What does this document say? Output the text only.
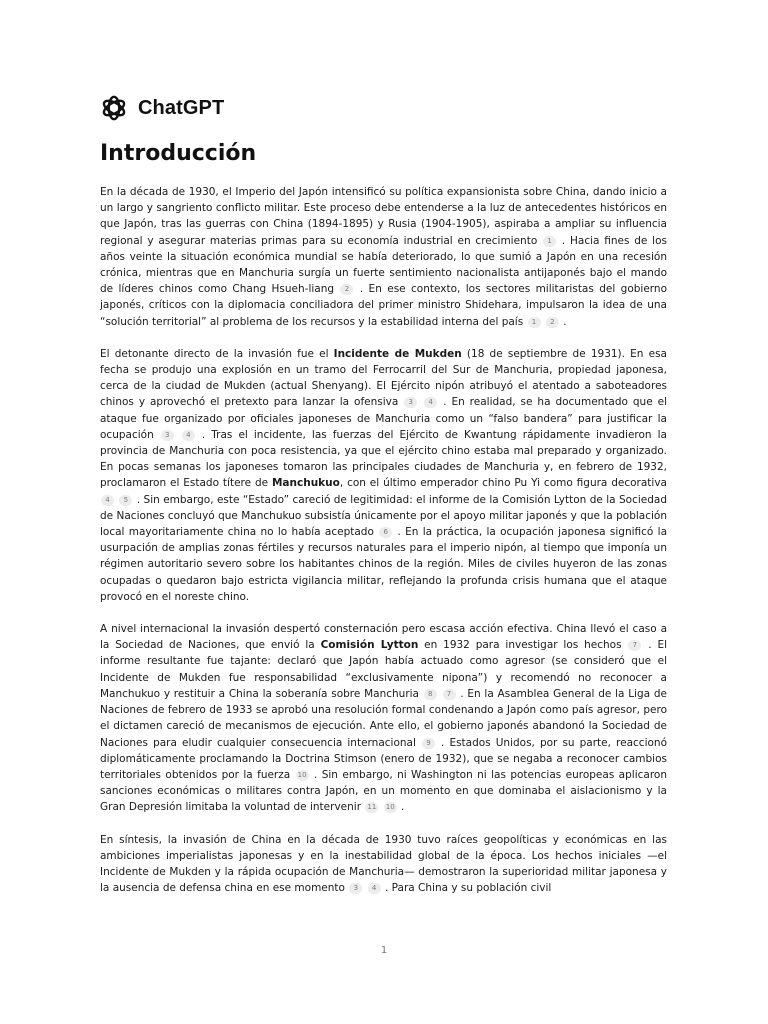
ChatGPT
Introducción

En la década de 1930, el Imperio del Japón intensificó su política expansionista sobre China, dando inicio a un largo y sangriento conflicto militar. Este proceso debe entenderse a la luz de antecedentes históricos en que Japón, tras las guerras con China (1894-1895) y Rusia (1904-1905), aspiraba a ampliar su influencia regional y asegurar materias primas para su economía industrial en crecimiento 1 . Hacia fines de los años veinte la situación económica mundial se había deteriorado, lo que sumió a Japón en una recesión crónica, mientras que en Manchuria surgía un fuerte sentimiento nacionalista antijaponés bajo el mando de líderes chinos como Chang Hsueh-liang 2 . En ese contexto, los sectores militaristas del gobierno japonés, críticos con la diplomacia conciliadora del primer ministro Shidehara, impulsaron la idea de una “solución territorial” al problema de los recursos y la estabilidad interna del país 1 2 .

El detonante directo de la invasión fue el Incidente de Mukden (18 de septiembre de 1931). En esa fecha se produjo una explosión en un tramo del Ferrocarril del Sur de Manchuria, propiedad japonesa, cerca de la ciudad de Mukden (actual Shenyang). El Ejército nipón atribuyó el atentado a saboteadores chinos y aprovechó el pretexto para lanzar la ofensiva 3 4 . En realidad, se ha documentado que el ataque fue organizado por oficiales japoneses de Manchuria como un “falso bandera” para justificar la ocupación 3 4 . Tras el incidente, las fuerzas del Ejército de Kwantung rápidamente invadieron la provincia de Manchuria con poca resistencia, ya que el ejército chino estaba mal preparado y organizado. En pocas semanas los japoneses tomaron las principales ciudades de Manchuria y, en febrero de 1932, proclamaron el Estado títere de Manchukuo, con el último emperador chino Pu Yi como figura decorativa 4 5 . Sin embargo, este “Estado” careció de legitimidad: el informe de la Comisión Lytton de la Sociedad de Naciones concluyó que Manchukuo subsistía únicamente por el apoyo militar japonés y que la población local mayoritariamente china no lo había aceptado 6 . En la práctica, la ocupación japonesa significó la usurpación de amplias zonas fértiles y recursos naturales para el imperio nipón, al tiempo que imponía un régimen autoritario severo sobre los habitantes chinos de la región. Miles de civiles huyeron de las zonas ocupadas o quedaron bajo estricta vigilancia militar, reflejando la profunda crisis humana que el ataque provocó en el noreste chino.

A nivel internacional la invasión despertó consternación pero escasa acción efectiva. China llevó el caso a la Sociedad de Naciones, que envió la Comisión Lytton en 1932 para investigar los hechos 7 . El informe resultante fue tajante: declaró que Japón había actuado como agresor (se consideró que el Incidente de Mukden fue responsabilidad “exclusivamente nipona”) y recomendó no reconocer a Manchukuo y restituir a China la soberanía sobre Manchuria 8 7 . En la Asamblea General de la Liga de Naciones de febrero de 1933 se aprobó una resolución formal condenando a Japón como país agresor, pero el dictamen careció de mecanismos de ejecución. Ante ello, el gobierno japonés abandonó la Sociedad de Naciones para eludir cualquier consecuencia internacional 9 . Estados Unidos, por su parte, reaccionó diplomáticamente proclamando la Doctrina Stimson (enero de 1932), que se negaba a reconocer cambios territoriales obtenidos por la fuerza 10 . Sin embargo, ni Washington ni las potencias europeas aplicaron sanciones económicas o militares contra Japón, en un momento en que dominaba el aislacionismo y la Gran Depresión limitaba la voluntad de intervenir 11 10 .

En síntesis, la invasión de China en la década de 1930 tuvo raíces geopolíticas y económicas en las ambiciones imperialistas japonesas y en la inestabilidad global de la época. Los hechos iniciales —el Incidente de Mukden y la rápida ocupación de Manchuria— demostraron la superioridad militar japonesa y la ausencia de defensa china en ese momento 3 4 . Para China y su población civil

1
